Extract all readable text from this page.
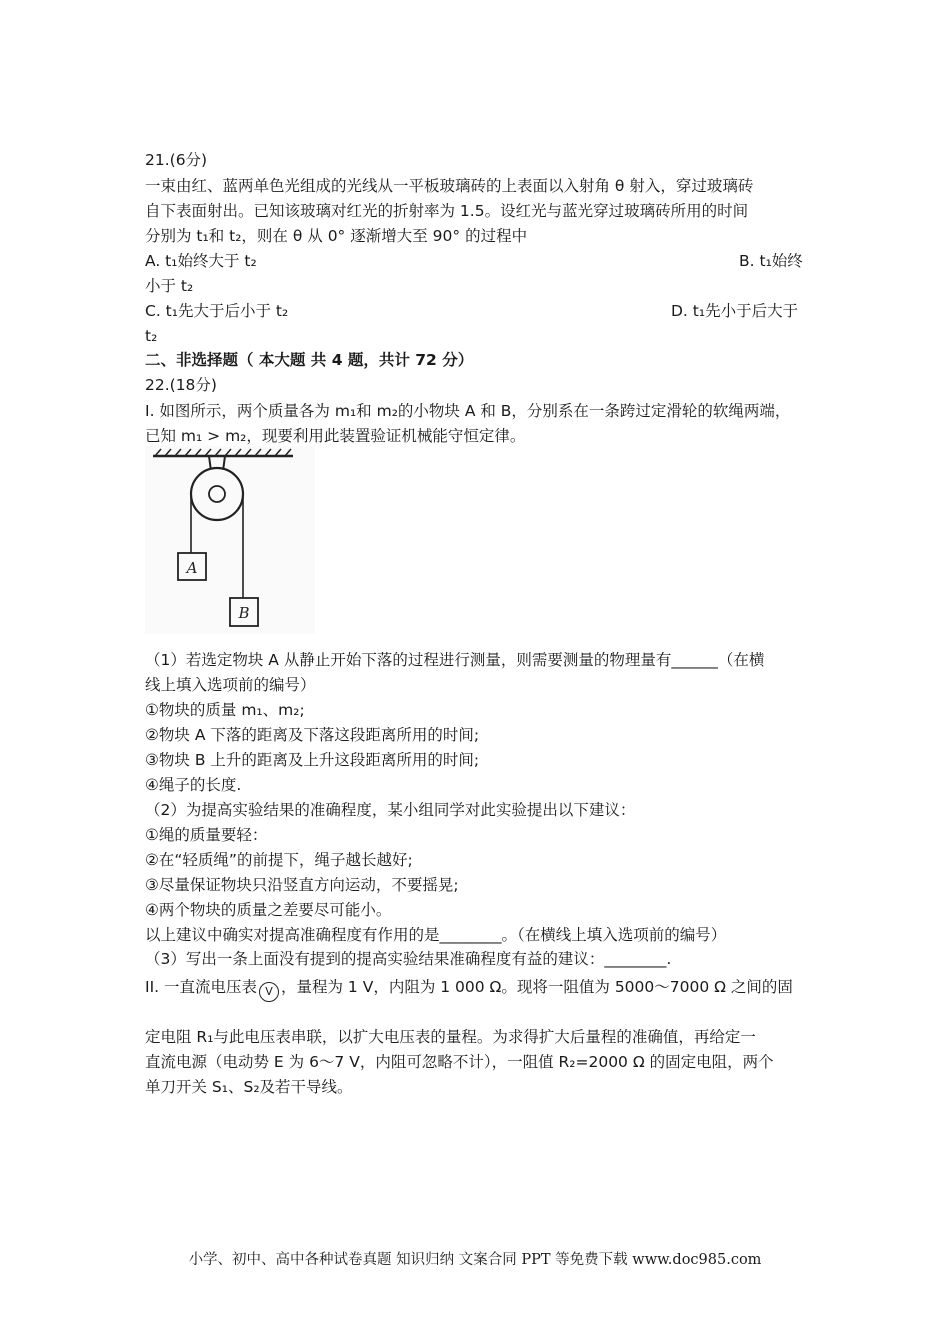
21.(6分)
一束由红、蓝两单色光组成的光线从一平板玻璃砖的上表面以入射角 θ 射入，穿过玻璃砖
自下表面射出。已知该玻璃对红光的折射率为 1.5。设红光与蓝光穿过玻璃砖所用的时间
分别为 t₁和 t₂，则在 θ 从 0° 逐渐增大至 90° 的过程中
A. t₁始终大于 t₂	B. t₁始终
小于 t₂
C. t₁先大于后小于 t₂	D. t₁先小于后大于
t₂
二、非选择题（ 本大题 共 4 题，共计 72 分）
22.(18分)
I. 如图所示，两个质量各为 m₁和 m₂的小物块 A 和 B，分别系在一条跨过定滑轮的软绳两端，
已知 m₁ > m₂，现要利用此装置验证机械能守恒定律。
A
B
（1）若选定物块 A 从静止开始下落的过程进行测量，则需要测量的物理量有______（在横
线上填入选项前的编号）
①物块的质量 m₁、m₂;
②物块 A 下落的距离及下落这段距离所用的时间;
③物块 B 上升的距离及上升这段距离所用的时间;
④绳子的长度.
（2）为提高实验结果的准确程度，某小组同学对此实验提出以下建议：
①绳的质量要轻：
②在“轻质绳”的前提下，绳子越长越好;
③尽量保证物块只沿竖直方向运动，不要摇晃;
④两个物块的质量之差要尽可能小。
以上建议中确实对提高准确程度有作用的是________。（在横线上填入选项前的编号）
（3）写出一条上面没有提到的提高实验结果准确程度有益的建议：________.
II. 一直流电压表 V ，量程为 1 V，内阻为 1 000 Ω。现将一阻值为 5000～7000 Ω 之间的固
定电阻 R₁与此电压表串联，以扩大电压表的量程。为求得扩大后量程的准确值，再给定一
直流电源（电动势 E 为 6～7 V，内阻可忽略不计），一阻值 R₂=2000 Ω 的固定电阻，两个
单刀开关 S₁、S₂及若干导线。
小学、初中、高中各种试卷真题 知识归纳 文案合同 PPT 等免费下载 www.doc985.com
